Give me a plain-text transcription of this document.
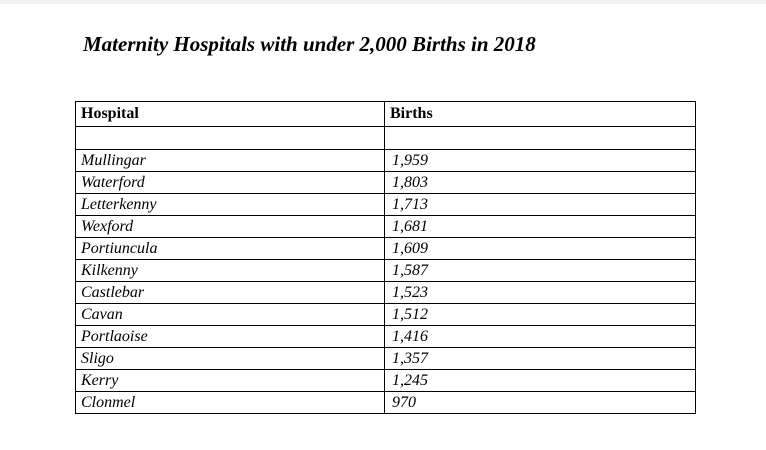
Maternity Hospitals with under 2,000 Births in 2018
Hospital	Births

Mullingar	1,959
Waterford	1,803
Letterkenny	1,713
Wexford	1,681
Portiuncula	1,609
Kilkenny	1,587
Castlebar	1,523
Cavan	1,512
Portlaoise	1,416
Sligo	1,357
Kerry	1,245
Clonmel	970
